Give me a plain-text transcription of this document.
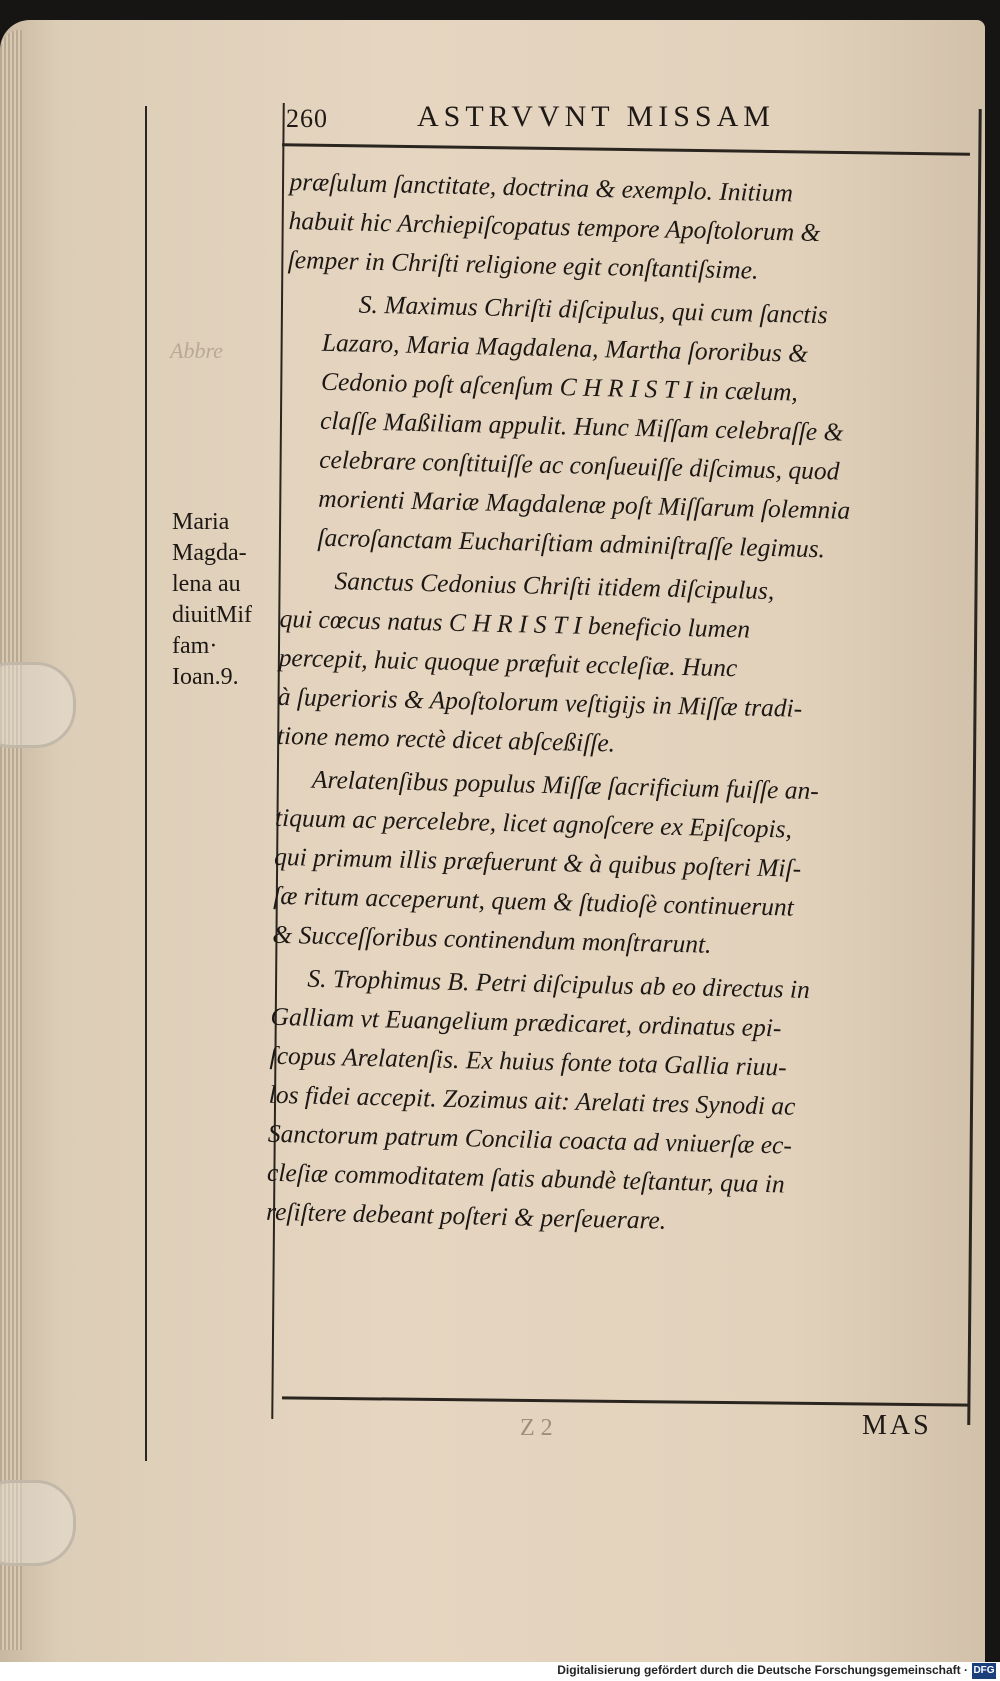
260	ASTRVVNT MISSAM
Abbre
Maria
Magda-
lena au
diuitMif
fam·
Ioan.9.
præſulum ſanctitate, doctrina & exemplo. Initium
habuit hic Archiepiſcopatus tempore Apoſtolorum &
ſemper in Chriſti religione egit conſtantiſsime.
S. Maximus Chriſti diſcipulus, qui cum ſanctis
Lazaro, Maria Magdalena, Martha ſororibus &
Cedonio poſt aſcenſum C H R I S T I in cælum,
claſſe Maßiliam appulit. Hunc Miſſam celebraſſe &
celebrare conſtituiſſe ac conſueuiſſe diſcimus, quod
morienti Mariæ Magdalenæ poſt Miſſarum ſolemnia
ſacroſanctam Euchariſtiam adminiſtraſſe legimus.
Sanctus Cedonius Chriſti itidem diſcipulus,
qui cœcus natus C H R I S T I beneficio lumen
percepit, huic quoque præfuit eccleſiæ. Hunc
à ſuperioris & Apoſtolorum veſtigijs in Miſſæ tradi-
tione nemo rectè dicet abſceßiſſe.
Arelatenſibus populus Miſſæ ſacrificium fuiſſe an-
tiquum ac percelebre, licet agnoſcere ex Epiſcopis,
qui primum illis præfuerunt & à quibus poſteri Miſ-
ſæ ritum acceperunt, quem & ſtudioſè continuerunt
& Succeſſoribus continendum monſtrarunt.
S. Trophimus B. Petri diſcipulus ab eo directus in
Galliam vt Euangelium prædicaret, ordinatus epi-
ſcopus Arelatenſis. Ex huius fonte tota Gallia riuu-
los fidei accepit. Zozimus ait: Arelati tres Synodi ac
Sanctorum patrum Concilia coacta ad vniuerſæ ec-
cleſiæ commoditatem ſatis abundè teſtantur, qua in
reſiſtere debeant poſteri & perſeuerare.
Z 2	MAS
Digitalisierung gefördert durch die Deutsche Forschungsgemeinschaft · DFG
